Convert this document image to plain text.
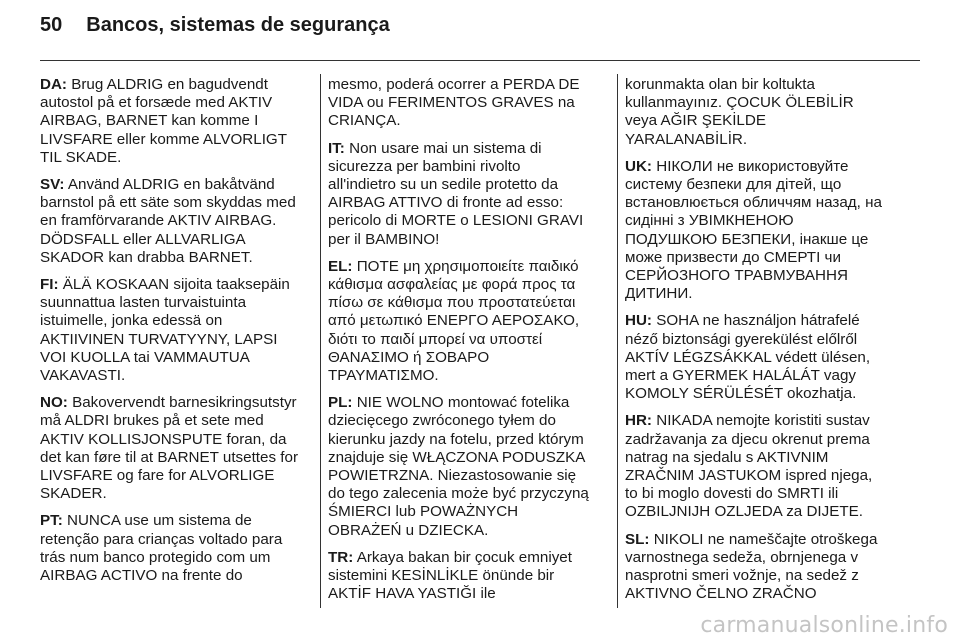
50 Bancos, sistemas de segurança

DA: Brug ALDRIG en bagudvendt autostol på et forsæde med AKTIV AIRBAG, BARNET kan komme I LIVSFARE eller komme ALVORLIGT TIL SKADE.

SV: Använd ALDRIG en bakåtvänd barnstol på ett säte som skyddas med en framförvarande AKTIV AIRBAG. DÖDSFALL eller ALLVARLIGA SKADOR kan drabba BARNET.

FI: ÄLÄ KOSKAAN sijoita taaksepäin suunnattua lasten turvaistuinta istuimelle, jonka edessä on AKTIIVINEN TURVATYYNY, LAPSI VOI KUOLLA tai VAMMAUTUA VAKAVASTI.

NO: Bakovervendt barnesikringsutstyr må ALDRI brukes på et sete med AKTIV KOLLISJONSPUTE foran, da det kan føre til at BARNET utsettes for LIVSFARE og fare for ALVORLIGE SKADER.

PT: NUNCA use um sistema de retenção para crianças voltado para trás num banco protegido com um AIRBAG ACTIVO na frente do

mesmo, poderá ocorrer a PERDA DE VIDA ou FERIMENTOS GRAVES na CRIANÇA.

IT: Non usare mai un sistema di sicurezza per bambini rivolto all'indietro su un sedile protetto da AIRBAG ATTIVO di fronte ad esso: pericolo di MORTE o LESIONI GRAVI per il BAMBINO!

EL: ΠΟΤΕ μη χρησιμοποιείτε παιδικό κάθισμα ασφαλείας με φορά προς τα πίσω σε κάθισμα που προστατεύεται από μετωπικό ΕΝΕΡΓΟ ΑΕΡΟΣΑΚΟ, διότι το παιδί μπορεί να υποστεί ΘΑΝΑΣΙΜΟ ή ΣΟΒΑΡΟ ΤΡΑΥΜΑΤΙΣΜΟ.

PL: NIE WOLNO montować fotelika dziecięcego zwróconego tyłem do kierunku jazdy na fotelu, przed którym znajduje się WŁĄCZONA PODUSZKA POWIETRZNA. Niezastosowanie się do tego zalecenia może być przyczyną ŚMIERCI lub POWAŻNYCH OBRAŻEŃ u DZIECKA.

TR: Arkaya bakan bir çocuk emniyet sistemini KESİNLİKLE önünde bir AKTİF HAVA YASTIĞI ile

korunmakta olan bir koltukta kullanmayınız. ÇOCUK ÖLEBİLİR veya AĞIR ŞEKİLDE YARALANABİLİR.

UK: НІКОЛИ не використовуйте систему безпеки для дітей, що встановлюється обличчям назад, на сидінні з УВІМКНЕНОЮ ПОДУШКОЮ БЕЗПЕКИ, інакше це може призвести до СМЕРТІ чи СЕРЙОЗНОГО ТРАВМУВАННЯ ДИТИНИ.

HU: SOHA ne használjon hátrafelé néző biztonsági gyerekülést előlről AKTÍV LÉGZSÁKKAL védett ülésen, mert a GYERMEK HALÁLÁT vagy KOMOLY SÉRÜLÉSÉT okozhatja.

HR: NIKADA nemojte koristiti sustav zadržavanja za djecu okrenut prema natrag na sjedalu s AKTIVNIM ZRAČNIM JASTUKOM ispred njega, to bi moglo dovesti do SMRTI ili OZBILJNIJH OZLJEDA za DIJETE.

SL: NIKOLI ne nameščajte otroškega varnostnega sedeža, obrnjenega v nasprotni smeri vožnje, na sedež z AKTIVNO ČELNO ZRAČNO

carmanualsonline.info
